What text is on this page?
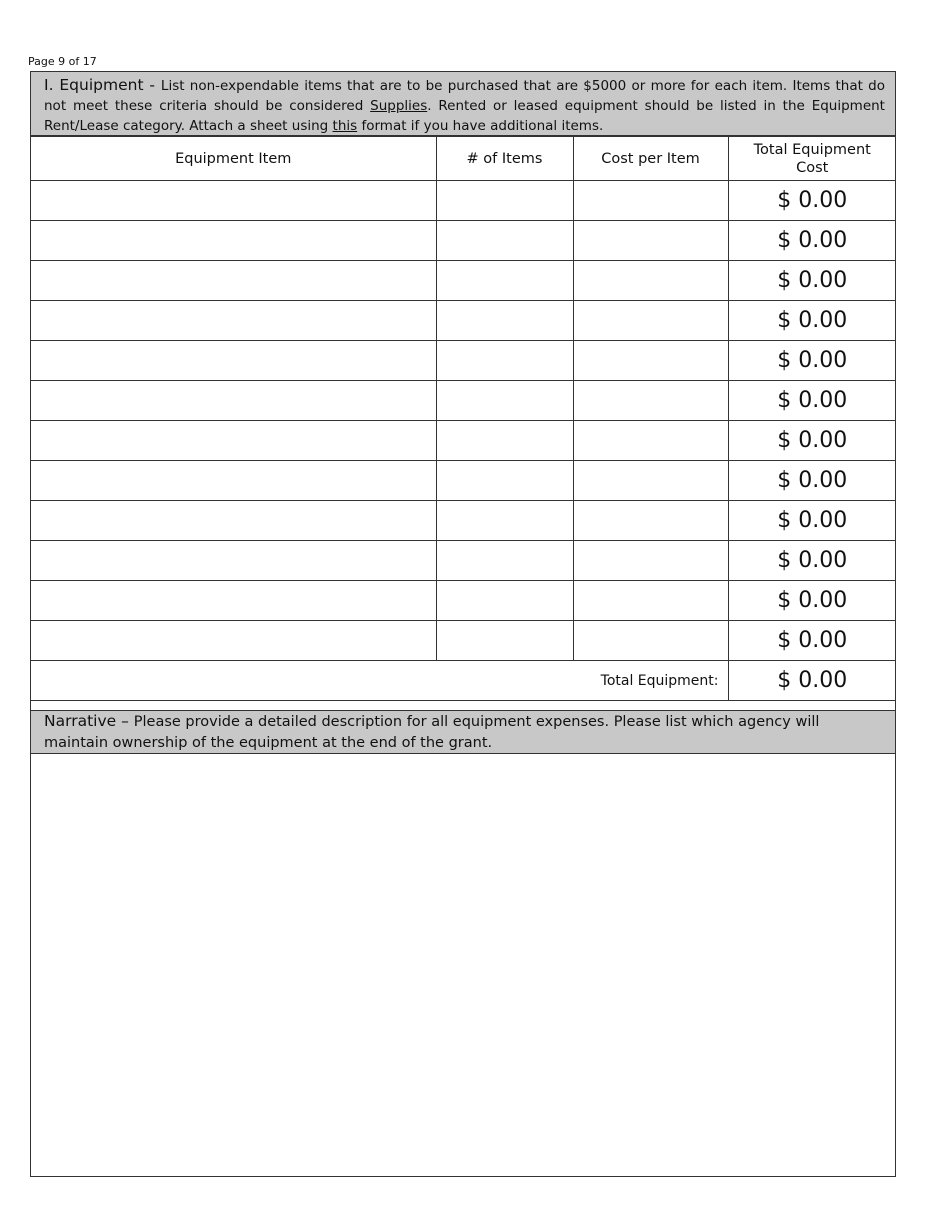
Page 9 of 17
I. Equipment - List non-expendable items that are to be purchased that are $5000 or more for each item. Items that do not meet these criteria should be considered Supplies. Rented or leased equipment should be listed in the Equipment Rent/Lease category. Attach a sheet using this format if you have additional items.
Equipment Item	# of Items	Cost per Item	Total Equipment
Cost
			$ 0.00
			$ 0.00
			$ 0.00
			$ 0.00
			$ 0.00
			$ 0.00
			$ 0.00
			$ 0.00
			$ 0.00
			$ 0.00
			$ 0.00
			$ 0.00
Total Equipment:			$ 0.00
Narrative – Please provide a detailed description for all equipment expenses. Please list which agency will maintain ownership of the equipment at the end of the grant.
